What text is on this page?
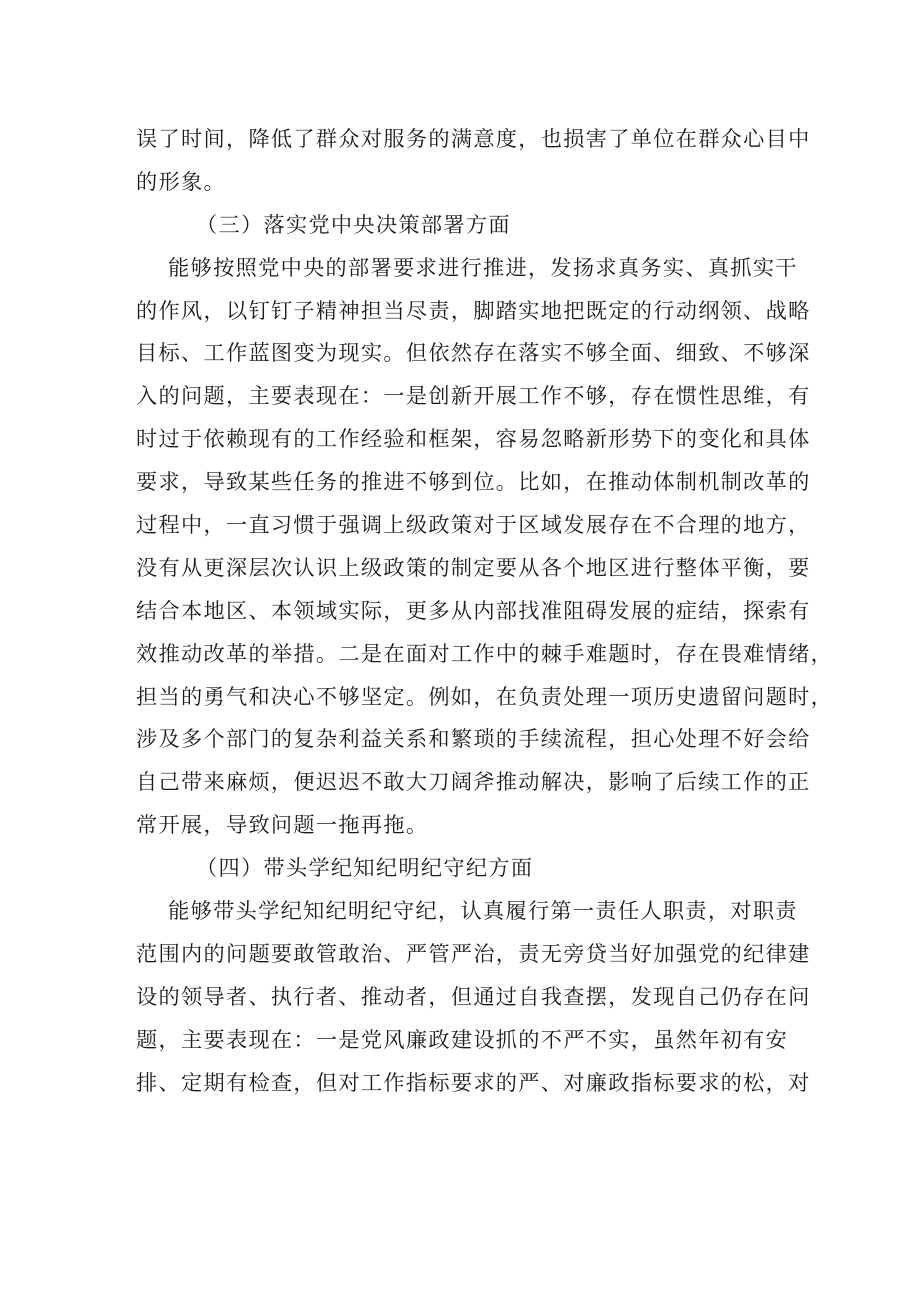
误了时间，降低了群众对服务的满意度，也损害了单位在群众心目中
的形象。
（三）落实党中央决策部署方面
能够按照党中央的部署要求进行推进，发扬求真务实、真抓实干
的作风，以钉钉子精神担当尽责，脚踏实地把既定的行动纲领、战略
目标、工作蓝图变为现实。但依然存在落实不够全面、细致、不够深
入的问题，主要表现在：一是创新开展工作不够，存在惯性思维，有
时过于依赖现有的工作经验和框架，容易忽略新形势下的变化和具体
要求，导致某些任务的推进不够到位。比如，在推动体制机制改革的
过程中，一直习惯于强调上级政策对于区域发展存在不合理的地方，
没有从更深层次认识上级政策的制定要从各个地区进行整体平衡，要
结合本地区、本领域实际，更多从内部找准阻碍发展的症结，探索有
效推动改革的举措。二是在面对工作中的棘手难题时，存在畏难情绪，
担当的勇气和决心不够坚定。例如，在负责处理一项历史遗留问题时，
涉及多个部门的复杂利益关系和繁琐的手续流程，担心处理不好会给
自己带来麻烦，便迟迟不敢大刀阔斧推动解决，影响了后续工作的正
常开展，导致问题一拖再拖。
（四）带头学纪知纪明纪守纪方面
能够带头学纪知纪明纪守纪，认真履行第一责任人职责，对职责
范围内的问题要敢管敢治、严管严治，责无旁贷当好加强党的纪律建
设的领导者、执行者、推动者，但通过自我查摆，发现自己仍存在问
题，主要表现在：一是党风廉政建设抓的不严不实，虽然年初有安
排、定期有检查，但对工作指标要求的严、对廉政指标要求的松，对
